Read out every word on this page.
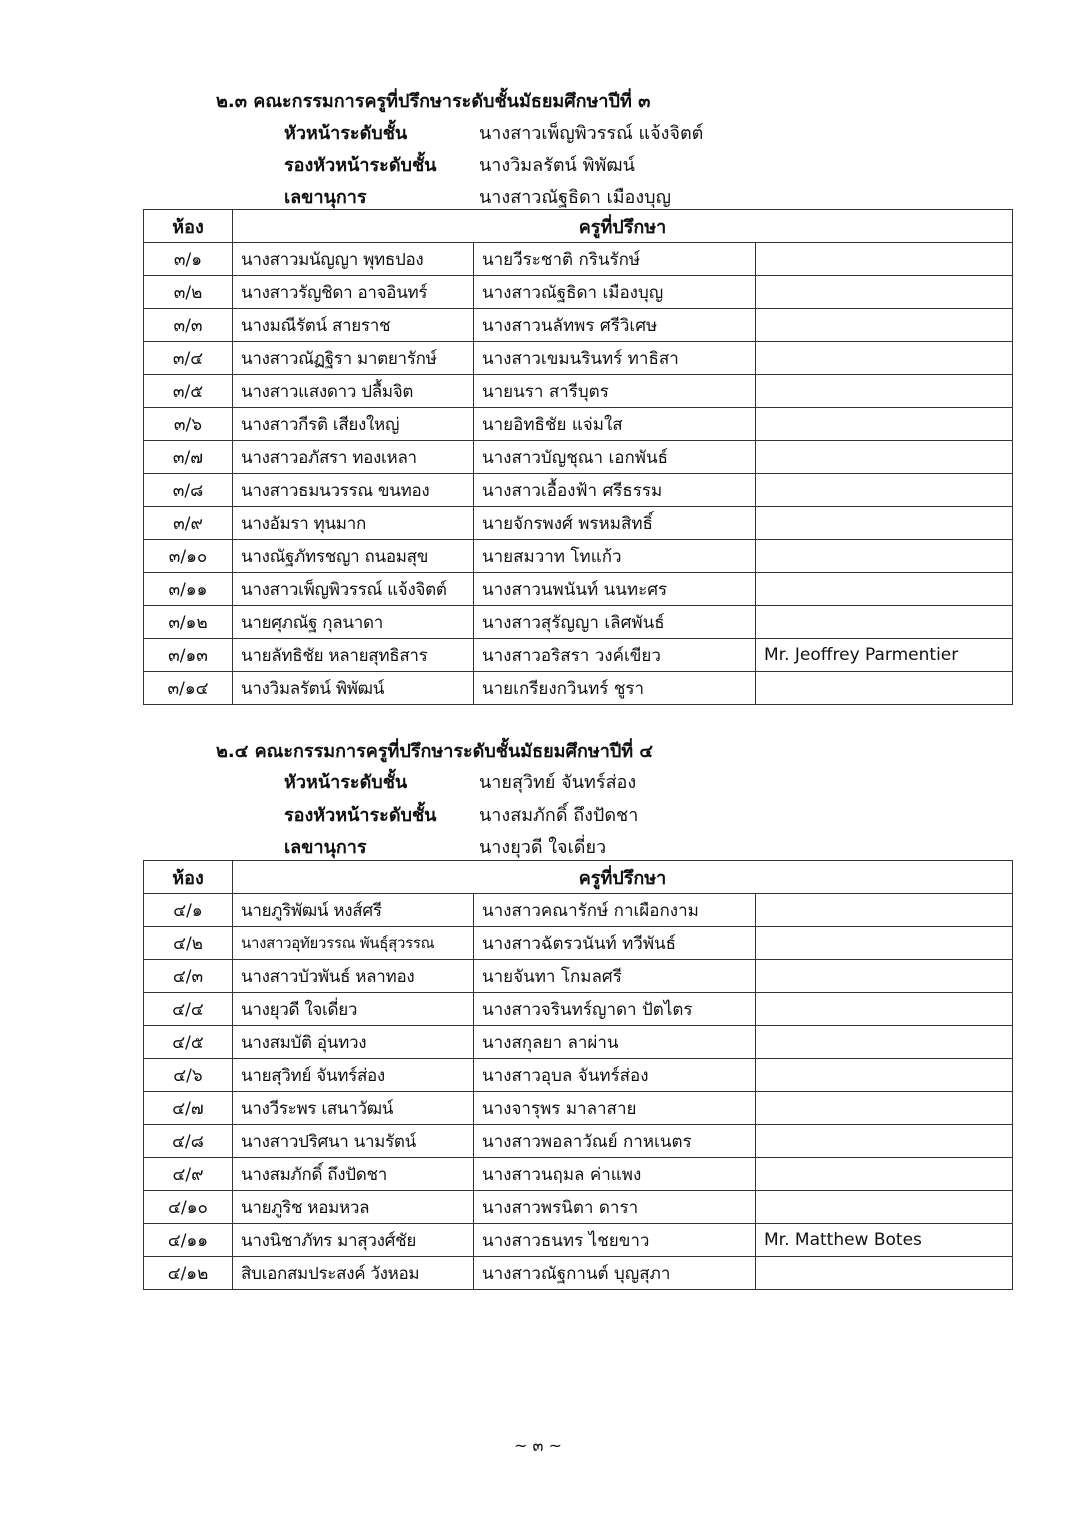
๒.๓ คณะกรรมการครูที่ปรึกษาระดับชั้นมัธยมศึกษาปีที่ ๓
หัวหน้าระดับชั้น	นางสาวเพ็ญพิวรรณ์ แจ้งจิตต์
รองหัวหน้าระดับชั้น นางวิมลรัตน์ พิพัฒน์
เลขานุการ	นางสาวณัฐธิดา เมืองบุญ
ห้อง	ครูที่ปรึกษา		
๓/๑	นางสาวมนัญญา พุทธปอง	นายวีระชาติ กรินรักษ์	
๓/๒	นางสาวรัญชิดา อาจอินทร์	นางสาวณัฐธิดา เมืองบุญ	
๓/๓	นางมณีรัตน์ สายราช	นางสาวนลัทพร ศรีวิเศษ	
๓/๔	นางสาวณัฏฐิรา มาตยารักษ์	นางสาวเขมนรินทร์ ทาธิสา	
๓/๕	นางสาวแสงดาว ปลื้มจิต	นายนรา สารีบุตร	
๓/๖	นางสาวกีรติ เสียงใหญ่	นายอิทธิชัย แจ่มใส	
๓/๗	นางสาวอภัสรา ทองเหลา	นางสาวบัญชุณา เอกพันธ์	
๓/๘	นางสาวธมนวรรณ ขนทอง	นางสาวเอื้องฟ้า ศรีธรรม	
๓/๙	นางอัมรา ทุนมาก	นายจักรพงศ์ พรหมสิทธิ์	
๓/๑๐	นางณัฐภัทรชญา ถนอมสุข	นายสมวาท โทแก้ว	
๓/๑๑	นางสาวเพ็ญพิวรรณ์ แจ้งจิตต์	นางสาวนพนันท์ นนทะศร	
๓/๑๒	นายศุภณัฐ กุลนาดา	นางสาวสุรัญญา เลิศพันธ์	
๓/๑๓	นายลัทธิชัย หลายสุทธิสาร	นางสาวอริสรา วงค์เขียว	Mr. Jeoffrey Parmentier
๓/๑๔	นางวิมลรัตน์ พิพัฒน์	นายเกรียงกวินทร์ ชูรา	
๒.๔ คณะกรรมการครูที่ปรึกษาระดับชั้นมัธยมศึกษาปีที่ ๔
หัวหน้าระดับชั้น	นายสุวิทย์ จันทร์ส่อง
รองหัวหน้าระดับชั้น นางสมภักดิ์ ถึงปัดชา
เลขานุการ	นางยุวดี ใจเดี่ยว
ห้อง	ครูที่ปรึกษา		
๔/๑	นายภูริพัฒน์ หงส์ศรี	นางสาวคณารักษ์ กาเผือกงาม	
๔/๒	นางสาวอุทัยวรรณ พันธุ์สุวรรณ	นางสาวฉัตรวนันท์ ทวีพันธ์	
๔/๓	นางสาวบัวพันธ์ หลาทอง	นายจันทา โกมลศรี	
๔/๔	นางยุวดี ใจเดี่ยว	นางสาวจรินทร์ญาดา ปัตไตร	
๔/๕	นางสมบัติ อุ่นทวง	นางสกุลยา ลาผ่าน	
๔/๖	นายสุวิทย์ จันทร์ส่อง	นางสาวอุบล จันทร์ส่อง	
๔/๗	นางวีระพร เสนาวัฒน์	นางจารุพร มาลาสาย	
๔/๘	นางสาวปริศนา นามรัตน์	นางสาวพอลาวัณย์ กาหเนตร	
๔/๙	นางสมภักดิ์ ถึงปัดชา	นางสาวนฤมล ค่าแพง	
๔/๑๐	นายภูริช หอมหวล	นางสาวพรนิตา ดารา	
๔/๑๑	นางนิชาภัทร มาสุวงศ์ชัย	นางสาวธนทร ไชยขาว	Mr. Matthew Botes
๔/๑๒	สิบเอกสมประสงค์ วังหอม	นางสาวณัฐกานต์ บุญสุภา	
~ ๓ ~
